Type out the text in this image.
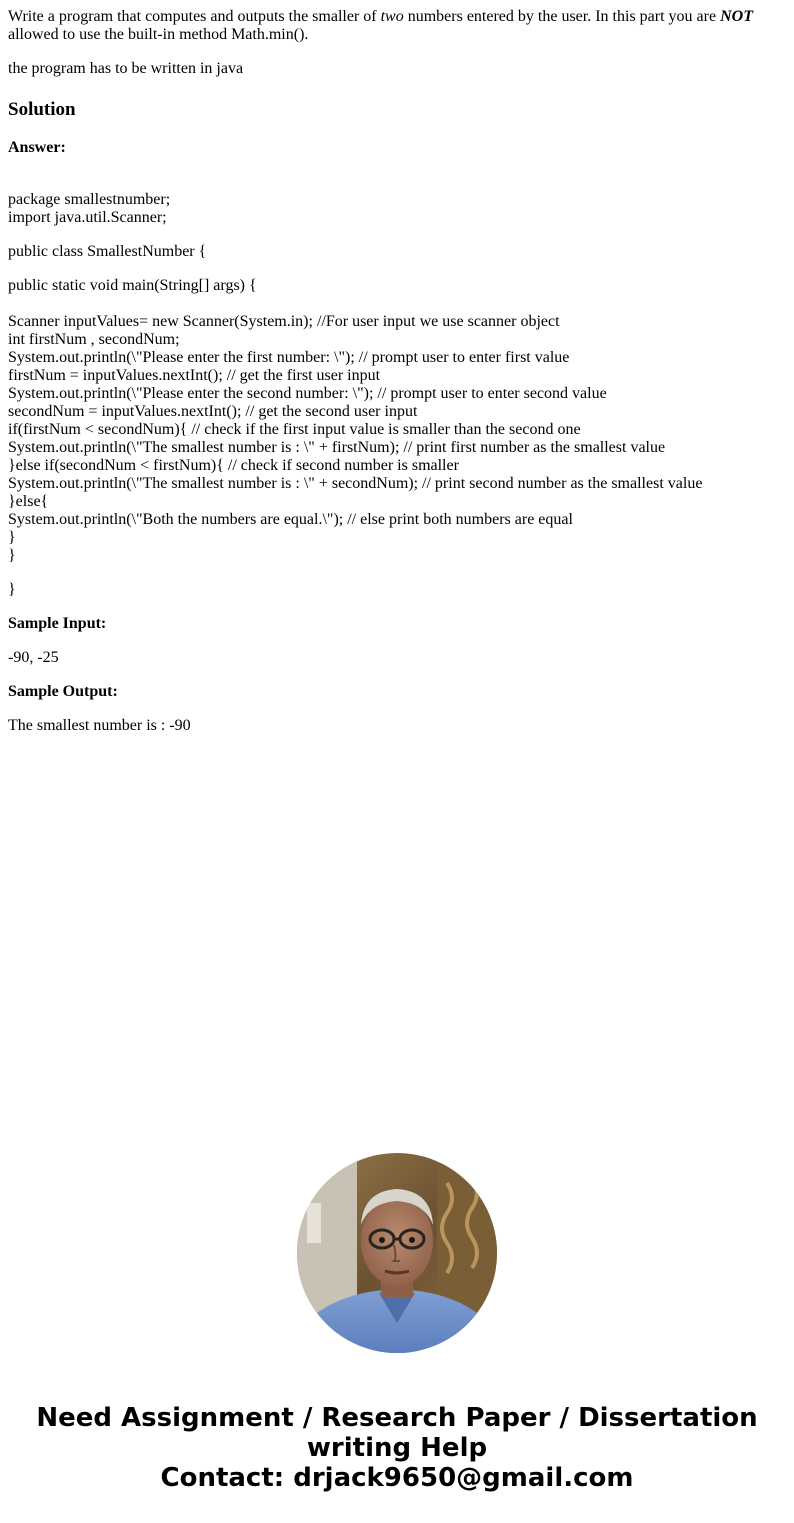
Write a program that computes and outputs the smaller of two numbers entered by the user. In this part you are NOT allowed to use the built-in method Math.min().

the program has to be written in java

Solution

Answer:

package smallestnumber;
import java.util.Scanner;
public class SmallestNumber {
public static void main(String[] args) {
Scanner inputValues= new Scanner(System.in); //For user input we use scanner object
int firstNum , secondNum;
System.out.println(\"Please enter the first number: \"); // prompt user to enter first value
firstNum = inputValues.nextInt(); // get the first user input
System.out.println(\"Please enter the second number: \"); // prompt user to enter second value
secondNum = inputValues.nextInt(); // get the second user input
if(firstNum < secondNum){ // check if the first input value is smaller than the second one
System.out.println(\"The smallest number is : \" + firstNum); // print first number as the smallest value
}else if(secondNum < firstNum){ // check if second number is smaller
System.out.println(\"The smallest number is : \" + secondNum); // print second number as the smallest value
}else{
System.out.println(\"Both the numbers are equal.\"); // else print both numbers are equal
}
}
}

Sample Input:

-90, -25

Sample Output:

The smallest number is : -90

Need Assignment / Research Paper / Dissertation
writing Help
Contact: drjack9650@gmail.com
